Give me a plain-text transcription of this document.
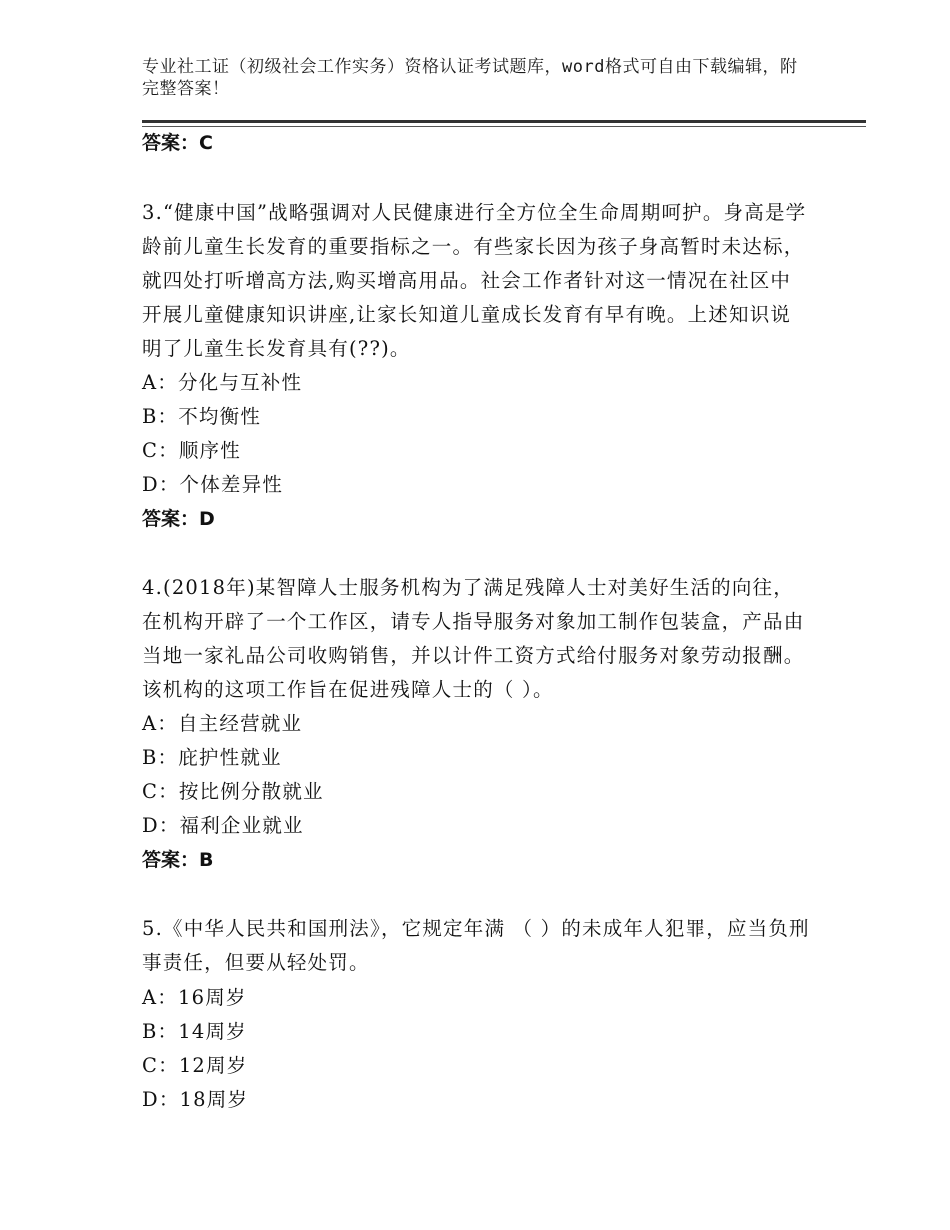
专业社工证（初级社会工作实务）资格认证考试题库，word格式可自由下载编辑，附完整答案！
答案：C
3.“健康中国”战略强调对人民健康进行全方位全生命周期呵护。身高是学龄前儿童生长发育的重要指标之一。有些家长因为孩子身高暂时未达标，就四处打听增高方法,购买增高用品。社会工作者针对这一情况在社区中开展儿童健康知识讲座,让家长知道儿童成长发育有早有晚。上述知识说明了儿童生长发育具有(??)。
A：分化与互补性
B：不均衡性
C：顺序性
D：个体差异性
答案：D
4.(2018年)某智障人士服务机构为了满足残障人士对美好生活的向往，在机构开辟了一个工作区，请专人指导服务对象加工制作包装盒，产品由当地一家礼品公司收购销售，并以计件工资方式给付服务对象劳动报酬。该机构的这项工作旨在促进残障人士的（ ）。
A：自主经营就业
B：庇护性就业
C：按比例分散就业
D：福利企业就业
答案：B
5.《中华人民共和国刑法》，它规定年满 （ ）的未成年人犯罪，应当负刑事责任，但要从轻处罚。
A：16周岁
B：14周岁
C：12周岁
D：18周岁
